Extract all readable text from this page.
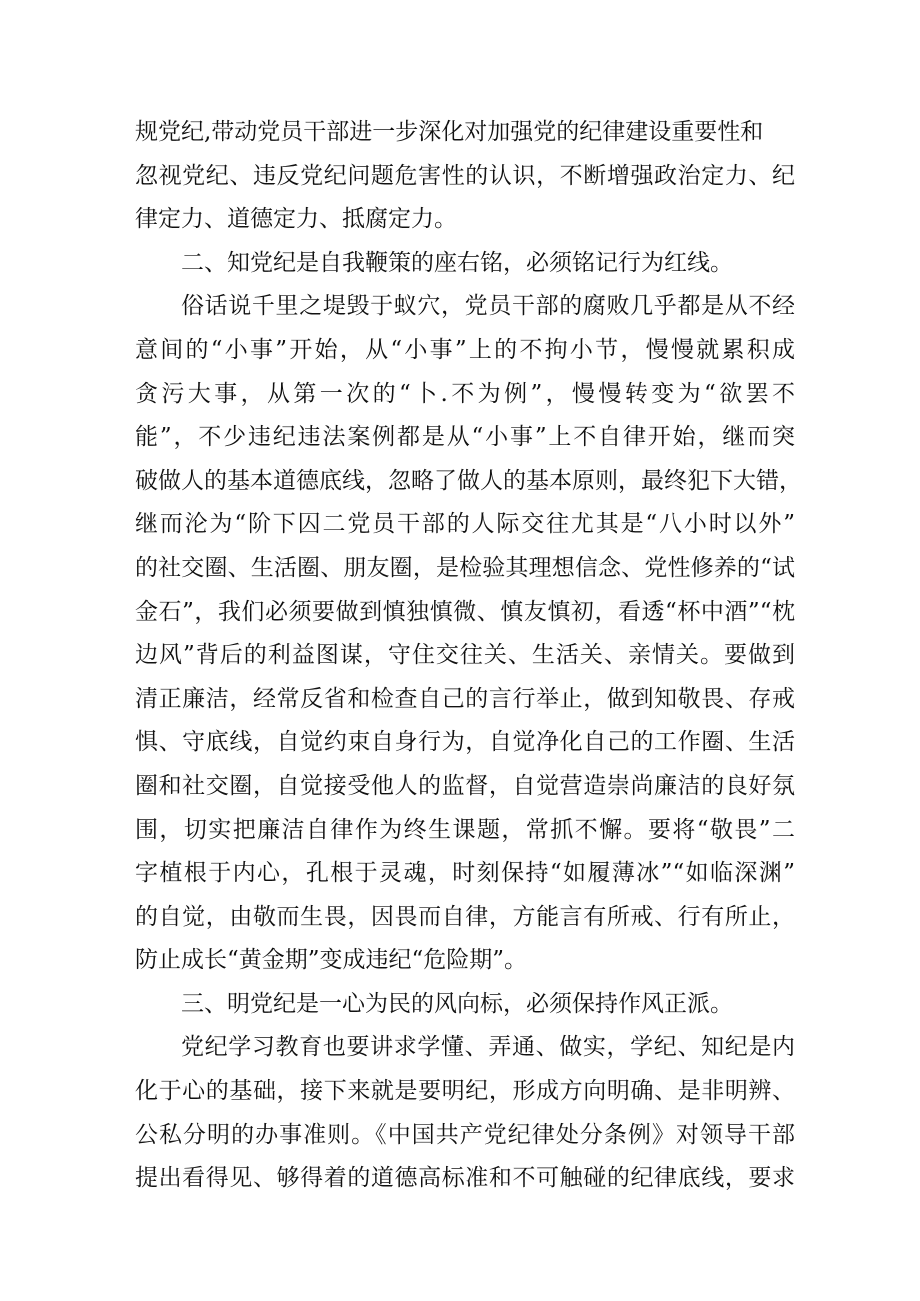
规党纪,带动党员干部进一步深化对加强党的纪律建设重要性和
忽视党纪、违反党纪问题危害性的认识，不断增强政治定力、纪
律定力、道德定力、抵腐定力。
二、知党纪是自我鞭策的座右铭，必须铭记行为红线。
俗话说千里之堤毁于蚁穴，党员干部的腐败几乎都是从不经
意间的“小事”开始，从“小事”上的不拘小节，慢慢就累积成
贪污大事，从第一次的“卜.不为例”，慢慢转变为“欲罢不
能”，不少违纪违法案例都是从“小事”上不自律开始，继而突
破做人的基本道德底线，忽略了做人的基本原则，最终犯下大错，
继而沦为“阶下囚二党员干部的人际交往尤其是“八小时以外”
的社交圈、生活圈、朋友圈，是检验其理想信念、党性修养的“试
金石”，我们必须要做到慎独慎微、慎友慎初，看透“杯中酒”“枕
边风”背后的利益图谋，守住交往关、生活关、亲情关。要做到
清正廉洁，经常反省和检查自己的言行举止，做到知敬畏、存戒
惧、守底线，自觉约束自身行为，自觉净化自己的工作圈、生活
圈和社交圈，自觉接受他人的监督，自觉营造崇尚廉洁的良好氛
围，切实把廉洁自律作为终生课题，常抓不懈。要将“敬畏”二
字植根于内心，孔根于灵魂，时刻保持“如履薄冰”“如临深渊”
的自觉，由敬而生畏，因畏而自律，方能言有所戒、行有所止，
防止成长“黄金期”变成违纪“危险期”。
三、明党纪是一心为民的风向标，必须保持作风正派。
党纪学习教育也要讲求学懂、弄通、做实，学纪、知纪是内
化于心的基础，接下来就是要明纪，形成方向明确、是非明辨、
公私分明的办事准则。《中国共产党纪律处分条例》对领导干部
提出看得见、够得着的道德高标准和不可触碰的纪律底线，要求
